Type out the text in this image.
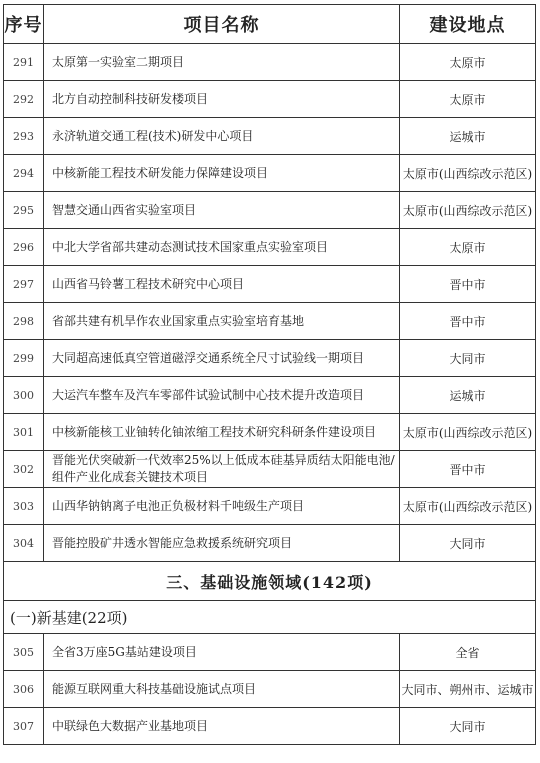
序号	项目名称	建设地点
291	太原第一实验室二期项目	太原市
292	北方自动控制科技研发楼项目	太原市
293	永济轨道交通工程(技术)研发中心项目	运城市
294	中核新能工程技术研发能力保障建设项目	太原市(山西综改示范区)
295	智慧交通山西省实验室项目	太原市(山西综改示范区)
296	中北大学省部共建动态测试技术国家重点实验室项目	太原市
297	山西省马铃薯工程技术研究中心项目	晋中市
298	省部共建有机旱作农业国家重点实验室培育基地	晋中市
299	大同超高速低真空管道磁浮交通系统全尺寸试验线一期项目	大同市
300	大运汽车整车及汽车零部件试验试制中心技术提升改造项目	运城市
301	中核新能核工业铀转化铀浓缩工程技术研究科研条件建设项目	太原市(山西综改示范区)
302	晋能光伏突破新一代效率25%以上低成本硅基异质结太阳能电池/组件产业化成套关键技术项目	晋中市
303	山西华钠钠离子电池正负极材料千吨级生产项目	太原市(山西综改示范区)
304	晋能控股矿井透水智能应急救援系统研究项目	大同市
三、基础设施领域(142项)		
(一)新基建(22项)		
305	全省3万座5G基站建设项目	全省
306	能源互联网重大科技基础设施试点项目	大同市、朔州市、运城市
307	中联绿色大数据产业基地项目	大同市
